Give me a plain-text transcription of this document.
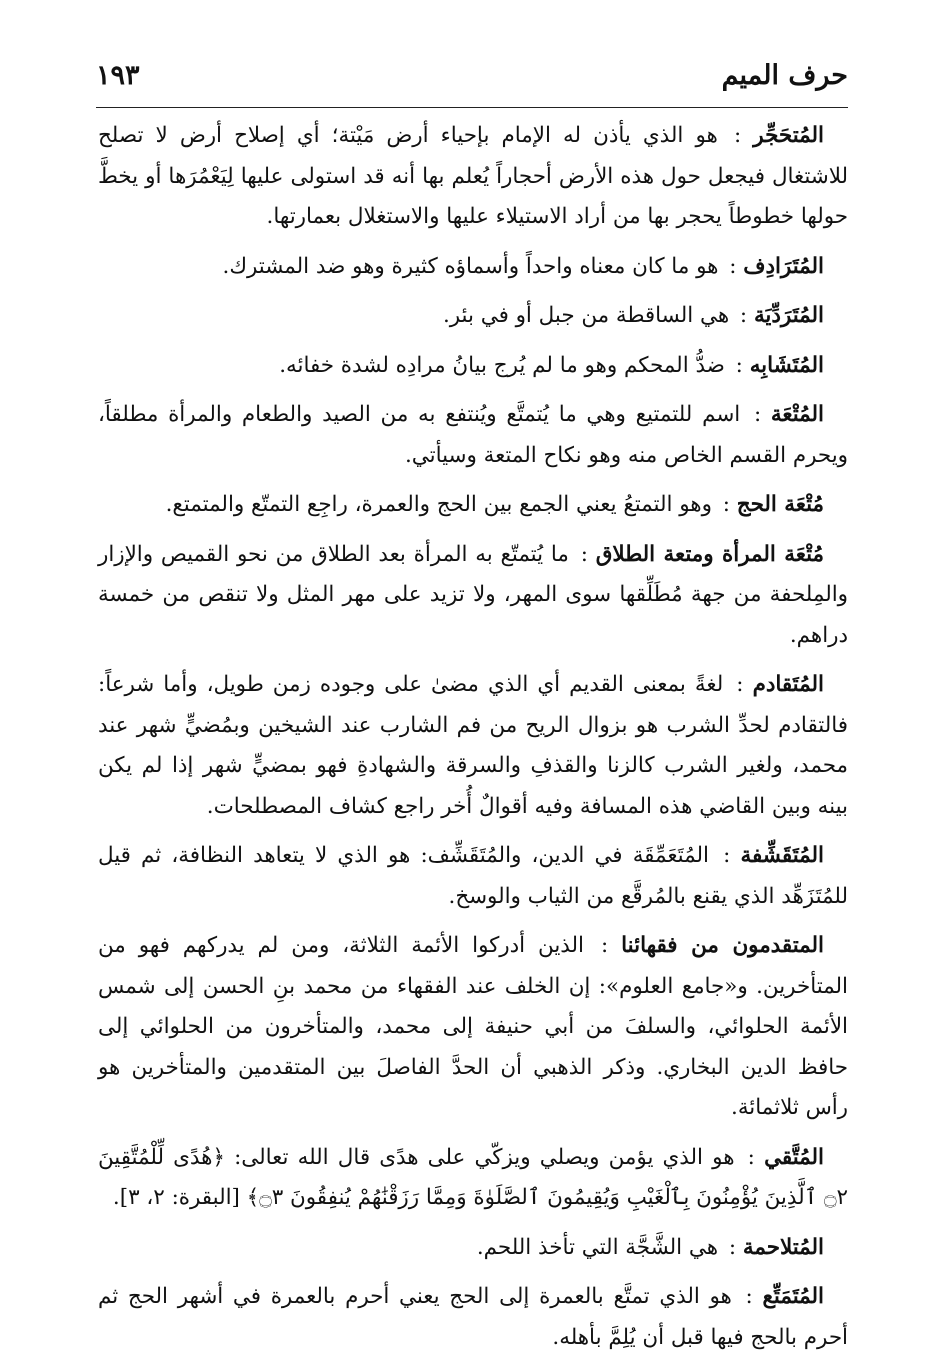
حرف الميم
١٩٣

المُتحَجِّر : هو الذي يأذن له الإمام بإحياء أرض مَيْتة؛ أي إصلاح أرض لا تصلح للاشتغال فيجعل حول هذه الأرض أحجاراً يُعلم بها أنه قد استولى عليها لِيَعْمُرَها أو يخطَّ حولها خطوطاً يحجر بها من أراد الاستيلاء عليها والاستغلال بعمارتها.

المُتَرَادِف : هو ما كان معناه واحداً وأسماؤه كثيرة وهو ضد المشترك.

المُتَرَدِّيَة : هي الساقطة من جبل أو في بئر.

المُتَشَابِه : ضدُّ المحكم وهو ما لم يُرج بيانُ مرادِه لشدة خفائه.

المُتْعَة : اسم للتمتيع وهي ما يُتمتَّع ويُنتفع به من الصيد والطعام والمرأة مطلقاً، ويحرم القسم الخاص منه وهو نكاح المتعة وسيأتي.

مُتْعَة الحج : وهو التمتعُ يعني الجمع بين الحج والعمرة، راجِع التمتّع والمتمتع.

مُتْعَة المرأة ومتعة الطلاق : ما يُتمتّع به المرأة بعد الطلاق من نحو القميص والإزار والمِلحفة من جهة مُطَلِّقها سوى المهر، ولا تزيد على مهر المثل ولا تنقص من خمسة دراهم.

المُتَقادم : لغةً بمعنى القديم أي الذي مضىٰ على وجوده زمن طويل، وأما شرعاً: فالتقادم لحدِّ الشرب هو بزوال الريح من فم الشارب عند الشيخين وبمُضيٍّ شهر عند محمد، ولغير الشرب كالزنا والقذفِ والسرقة والشهادةِ فهو بمضيٍّ شهر إذا لم يكن بينه وبين القاضي هذه المسافة وفيه أقوالٌ أُخر راجع كشاف المصطلحات.

المُتَقَشِّفة : المُتَعَمِّقَة في الدين، والمُتَقَشِّف: هو الذي لا يتعاهد النظافة، ثم قيل للمُتَزَهِّد الذي يقنع بالمُرقَّع من الثياب والوسخ.

المتقدمون من فقهائنا : الذين أدركوا الأئمة الثلاثة، ومن لم يدركهم فهو من المتأخرين. و«جامع العلوم»: إن الخلف عند الفقهاء من محمد بنِ الحسن إلى شمس الأئمة الحلوائي، والسلفَ من أبي حنيفة إلى محمد، والمتأخرون من الحلوائي إلى حافظ الدين البخاري. وذكر الذهبي أن الحدَّ الفاصلَ بين المتقدمين والمتأخرين هو رأس ثلاثمائة.

المُتَّقي : هو الذي يؤمن ويصلي ويزكّي على هدًى قال الله تعالى: ﴿هُدًى لِّلْمُتَّقِينَ ۝٢ ٱلَّذِينَ يُؤْمِنُونَ بِٱلْغَيْبِ وَيُقِيمُونَ ٱلصَّلَوٰةَ وَمِمَّا رَزَقْنَٰهُمْ يُنفِقُونَ ۝٣﴾ [البقرة: ٢، ٣].

المُتلاحمة : هي الشَّجَّة التي تأخذ اللحم.

المُتَمَتِّع : هو الذي تمتَّع بالعمرة إلى الحج يعني أحرم بالعمرة في أشهر الحج ثم أحرم بالحج فيها قبل أن يُلِمَّ بأهله.
